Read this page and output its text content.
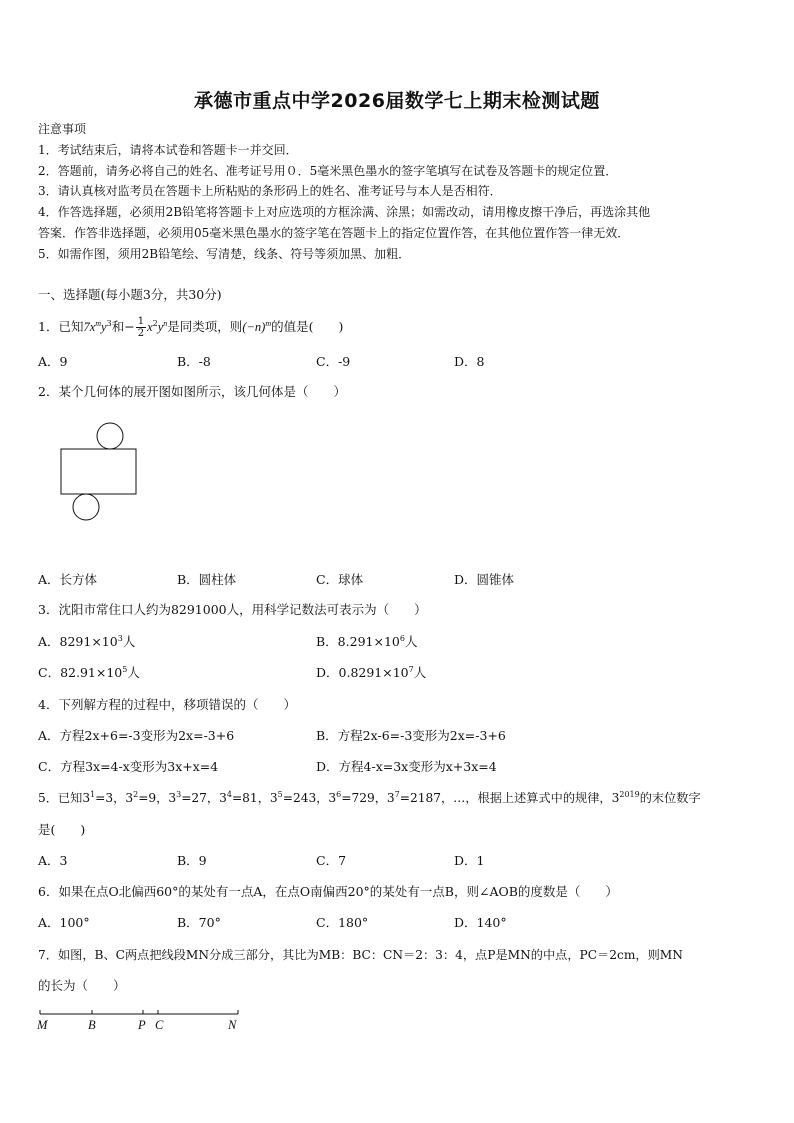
承德市重点中学2026届数学七上期末检测试题
注意事项
1．考试结束后，请将本试卷和答题卡一并交回．
2．答题前，请务必将自己的姓名、准考证号用０．5毫米黑色墨水的签字笔填写在试卷及答题卡的规定位置．
3．请认真核对监考员在答题卡上所粘贴的条形码上的姓名、准考证号与本人是否相符．
4．作答选择题，必须用2B铅笔将答题卡上对应选项的方框涂满、涂黑；如需改动，请用橡皮擦干净后，再选涂其他
答案．作答非选择题，必须用05毫米黑色墨水的签字笔在答题卡上的指定位置作答，在其他位置作答一律无效．
5．如需作图，须用2B铅笔绘、写清楚，线条、符号等须加黑、加粗．
一、选择题(每小题3分，共30分)
1．已知$7x^my^3$和− $\frac{1}{2} x^2y^n$是同类项，则$(-n)^m$的值是(　　)
A．9	B．-8	C．-9	D．8
2．某个几何体的展开图如图所示，该几何体是（　　）
A．长方体	B．圆柱体	C．球体	D．圆锥体
3．沈阳市常住口人约为8291000人，用科学记数法可表示为（　　）
A．$8291\times 10^3$人	B．$8.291\times 10^6$人
C．$82.91\times 10^5$人	D．$0.8291\times 10^7$人
4．下列解方程的过程中，移项错误的（　　）
A．方程2x+6=-3变形为2x=-3+6	B．方程2x-6=-3变形为2x=-3+6
C．方程3x=4-x变形为3x+x=4	D．方程4-x=3x变形为x+3x=4
5．已知$3^1=3$，$3^2=9$，$3^3=27$，$3^4=81$，$3^5=243$，$3^6=729$，$3^7=2187$，…，根据上述算式中的规律，$3^{2019}$的末位数字
是(　　)
A．3	B．9	C．7	D．1
6．如果在点O北偏西60°的某处有一点A，在点O南偏西20°的某处有一点B，则∠AOB的度数是（　　）
A．100°	B．70°	C．180°	D．140°
7．如图，B、C两点把线段MN分成三部分，其比为MB：BC：CN＝2：3：4，点P是MN的中点，PC＝2cm，则MN
的长为（　　）
M	B	P C	N
